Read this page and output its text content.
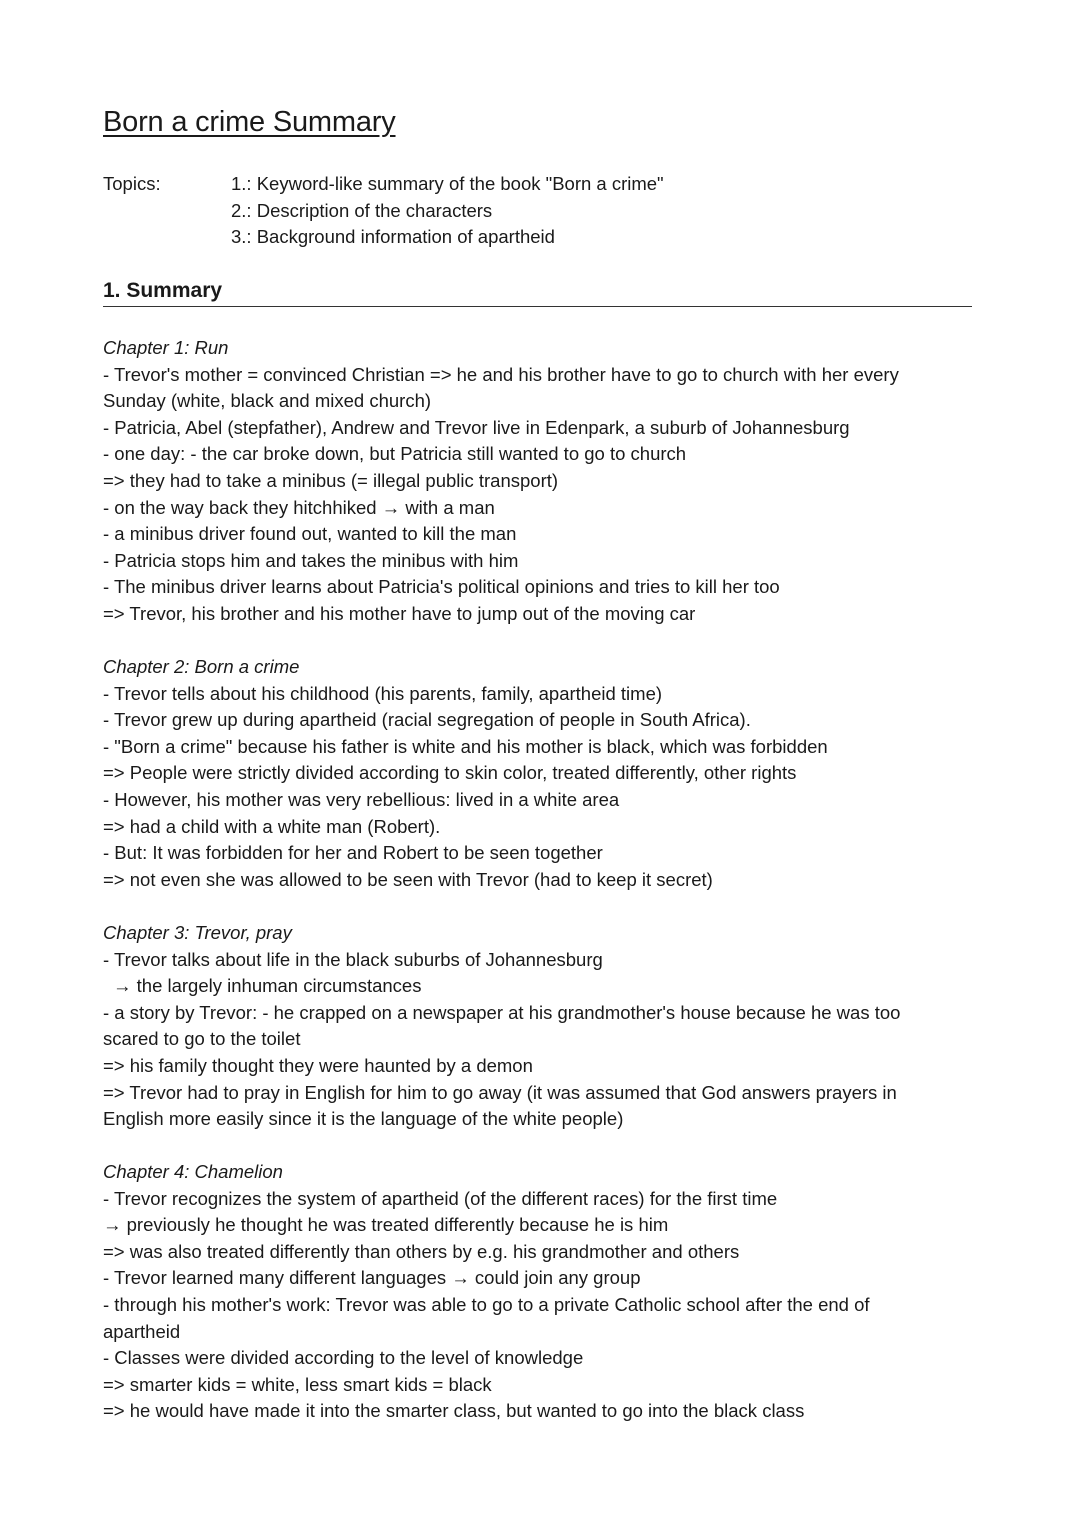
Born a crime Summary
Topics:	1.: Keyword-like summary of the book "Born a crime"
2.: Description of the characters
3.: Background information of apartheid
1. Summary
Chapter 1: Run
- Trevor's mother = convinced Christian => he and his brother have to go to church with her every
Sunday (white, black and mixed church)
- Patricia, Abel (stepfather), Andrew and Trevor live in Edenpark, a suburb of Johannesburg
- one day: - the car broke down, but Patricia still wanted to go to church
=> they had to take a minibus (= illegal public transport)
- on the way back they hitchhiked → with a man
- a minibus driver found out, wanted to kill the man
- Patricia stops him and takes the minibus with him
- The minibus driver learns about Patricia's political opinions and tries to kill her too
=> Trevor, his brother and his mother have to jump out of the moving car
Chapter 2: Born a crime
- Trevor tells about his childhood (his parents, family, apartheid time)
- Trevor grew up during apartheid (racial segregation of people in South Africa).
- "Born a crime" because his father is white and his mother is black, which was forbidden
=> People were strictly divided according to skin color, treated differently, other rights
- However, his mother was very rebellious: lived in a white area
=> had a child with a white man (Robert).
- But: It was forbidden for her and Robert to be seen together
=> not even she was allowed to be seen with Trevor (had to keep it secret)
Chapter 3: Trevor, pray
- Trevor talks about life in the black suburbs of Johannesburg
→ the largely inhuman circumstances
- a story by Trevor: - he crapped on a newspaper at his grandmother's house because he was too
scared to go to the toilet
=> his family thought they were haunted by a demon
=> Trevor had to pray in English for him to go away (it was assumed that God answers prayers in
English more easily since it is the language of the white people)
Chapter 4: Chamelion
- Trevor recognizes the system of apartheid (of the different races) for the first time
→ previously he thought he was treated differently because he is him
=> was also treated differently than others by e.g. his grandmother and others
- Trevor learned many different languages → could join any group
- through his mother's work: Trevor was able to go to a private Catholic school after the end of
apartheid
- Classes were divided according to the level of knowledge
=> smarter kids = white, less smart kids = black
=> he would have made it into the smarter class, but wanted to go into the black class
